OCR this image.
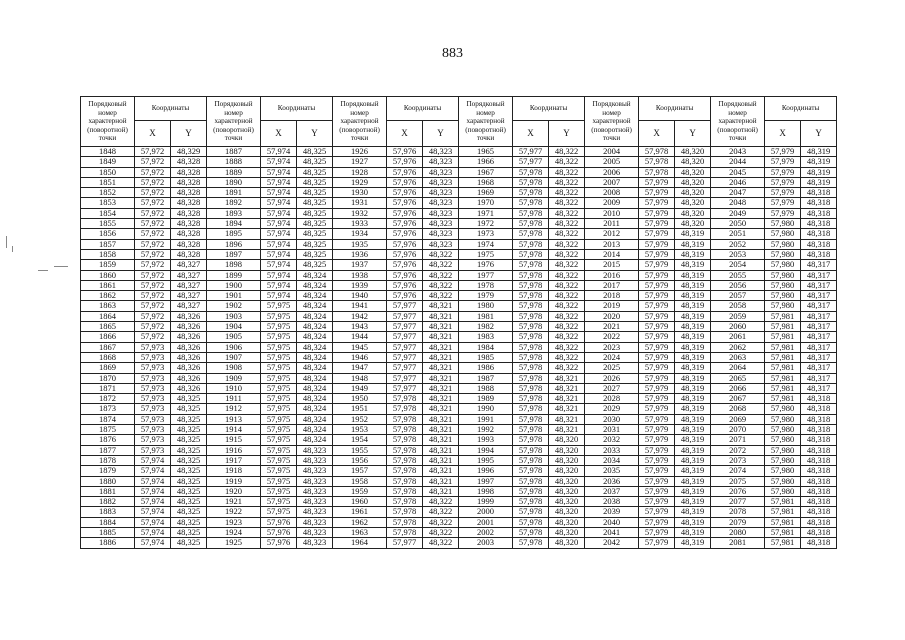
883
Порядковый номер характерной (поворотной) точки	Координаты		Порядковый номер характерной (поворотной) точки	Координаты		Порядковый номер характерной (поворотной) точки	Координаты		Порядковый номер характерной (поворотной) точки	Координаты		Порядковый номер характерной (поворотной) точки	Координаты		Порядковый номер характерной (поворотной) точки	Координаты	
	X	Y		X	Y		X	Y		X	Y		X	Y		X	Y
1848	57,972	48,329	1887	57,974	48,325	1926	57,976	48,323	1965	57,977	48,322	2004	57,978	48,320	2043	57,979	48,319
1849	57,972	48,328	1888	57,974	48,325	1927	57,976	48,323	1966	57,977	48,322	2005	57,978	48,320	2044	57,979	48,319
1850	57,972	48,328	1889	57,974	48,325	1928	57,976	48,323	1967	57,978	48,322	2006	57,978	48,320	2045	57,979	48,319
1851	57,972	48,328	1890	57,974	48,325	1929	57,976	48,323	1968	57,978	48,322	2007	57,979	48,320	2046	57,979	48,319
1852	57,972	48,328	1891	57,974	48,325	1930	57,976	48,323	1969	57,978	48,322	2008	57,979	48,320	2047	57,979	48,318
1853	57,972	48,328	1892	57,974	48,325	1931	57,976	48,323	1970	57,978	48,322	2009	57,979	48,320	2048	57,979	48,318
1854	57,972	48,328	1893	57,974	48,325	1932	57,976	48,323	1971	57,978	48,322	2010	57,979	48,320	2049	57,979	48,318
1855	57,972	48,328	1894	57,974	48,325	1933	57,976	48,323	1972	57,978	48,322	2011	57,979	48,320	2050	57,980	48,318
1856	57,972	48,328	1895	57,974	48,325	1934	57,976	48,323	1973	57,978	48,322	2012	57,979	48,319	2051	57,980	48,318
1857	57,972	48,328	1896	57,974	48,325	1935	57,976	48,323	1974	57,978	48,322	2013	57,979	48,319	2052	57,980	48,318
1858	57,972	48,328	1897	57,974	48,325	1936	57,976	48,322	1975	57,978	48,322	2014	57,979	48,319	2053	57,980	48,318
1859	57,972	48,327	1898	57,974	48,325	1937	57,976	48,322	1976	57,978	48,322	2015	57,979	48,319	2054	57,980	48,317
1860	57,972	48,327	1899	57,974	48,324	1938	57,976	48,322	1977	57,978	48,322	2016	57,979	48,319	2055	57,980	48,317
1861	57,972	48,327	1900	57,974	48,324	1939	57,976	48,322	1978	57,978	48,322	2017	57,979	48,319	2056	57,980	48,317
1862	57,972	48,327	1901	57,974	48,324	1940	57,976	48,322	1979	57,978	48,322	2018	57,979	48,319	2057	57,980	48,317
1863	57,972	48,327	1902	57,975	48,324	1941	57,977	48,321	1980	57,978	48,322	2019	57,979	48,319	2058	57,980	48,317
1864	57,972	48,326	1903	57,975	48,324	1942	57,977	48,321	1981	57,978	48,322	2020	57,979	48,319	2059	57,981	48,317
1865	57,972	48,326	1904	57,975	48,324	1943	57,977	48,321	1982	57,978	48,322	2021	57,979	48,319	2060	57,981	48,317
1866	57,972	48,326	1905	57,975	48,324	1944	57,977	48,321	1983	57,978	48,322	2022	57,979	48,319	2061	57,981	48,317
1867	57,973	48,326	1906	57,975	48,324	1945	57,977	48,321	1984	57,978	48,322	2023	57,979	48,319	2062	57,981	48,317
1868	57,973	48,326	1907	57,975	48,324	1946	57,977	48,321	1985	57,978	48,322	2024	57,979	48,319	2063	57,981	48,317
1869	57,973	48,326	1908	57,975	48,324	1947	57,977	48,321	1986	57,978	48,322	2025	57,979	48,319	2064	57,981	48,317
1870	57,973	48,326	1909	57,975	48,324	1948	57,977	48,321	1987	57,978	48,321	2026	57,979	48,319	2065	57,981	48,317
1871	57,973	48,326	1910	57,975	48,324	1949	57,977	48,321	1988	57,978	48,321	2027	57,979	48,319	2066	57,981	48,317
1872	57,973	48,325	1911	57,975	48,324	1950	57,978	48,321	1989	57,978	48,321	2028	57,979	48,319	2067	57,981	48,318
1873	57,973	48,325	1912	57,975	48,324	1951	57,978	48,321	1990	57,978	48,321	2029	57,979	48,319	2068	57,980	48,318
1874	57,973	48,325	1913	57,975	48,324	1952	57,978	48,321	1991	57,978	48,321	2030	57,979	48,319	2069	57,980	48,318
1875	57,973	48,325	1914	57,975	48,324	1953	57,978	48,321	1992	57,978	48,321	2031	57,979	48,319	2070	57,980	48,318
1876	57,973	48,325	1915	57,975	48,324	1954	57,978	48,321	1993	57,978	48,320	2032	57,979	48,319	2071	57,980	48,318
1877	57,973	48,325	1916	57,975	48,323	1955	57,978	48,321	1994	57,978	48,320	2033	57,979	48,319	2072	57,980	48,318
1878	57,974	48,325	1917	57,975	48,323	1956	57,978	48,321	1995	57,978	48,320	2034	57,979	48,319	2073	57,980	48,318
1879	57,974	48,325	1918	57,975	48,323	1957	57,978	48,321	1996	57,978	48,320	2035	57,979	48,319	2074	57,980	48,318
1880	57,974	48,325	1919	57,975	48,323	1958	57,978	48,321	1997	57,978	48,320	2036	57,979	48,319	2075	57,980	48,318
1881	57,974	48,325	1920	57,975	48,323	1959	57,978	48,321	1998	57,978	48,320	2037	57,979	48,319	2076	57,980	48,318
1882	57,974	48,325	1921	57,975	48,323	1960	57,978	48,322	1999	57,978	48,320	2038	57,979	48,319	2077	57,981	48,318
1883	57,974	48,325	1922	57,975	48,323	1961	57,978	48,322	2000	57,978	48,320	2039	57,979	48,319	2078	57,981	48,318
1884	57,974	48,325	1923	57,976	48,323	1962	57,978	48,322	2001	57,978	48,320	2040	57,979	48,319	2079	57,981	48,318
1885	57,974	48,325	1924	57,976	48,323	1963	57,978	48,322	2002	57,978	48,320	2041	57,979	48,319	2080	57,981	48,318
1886	57,974	48,325	1925	57,976	48,323	1964	57,977	48,322	2003	57,978	48,320	2042	57,979	48,319	2081	57,981	48,318
